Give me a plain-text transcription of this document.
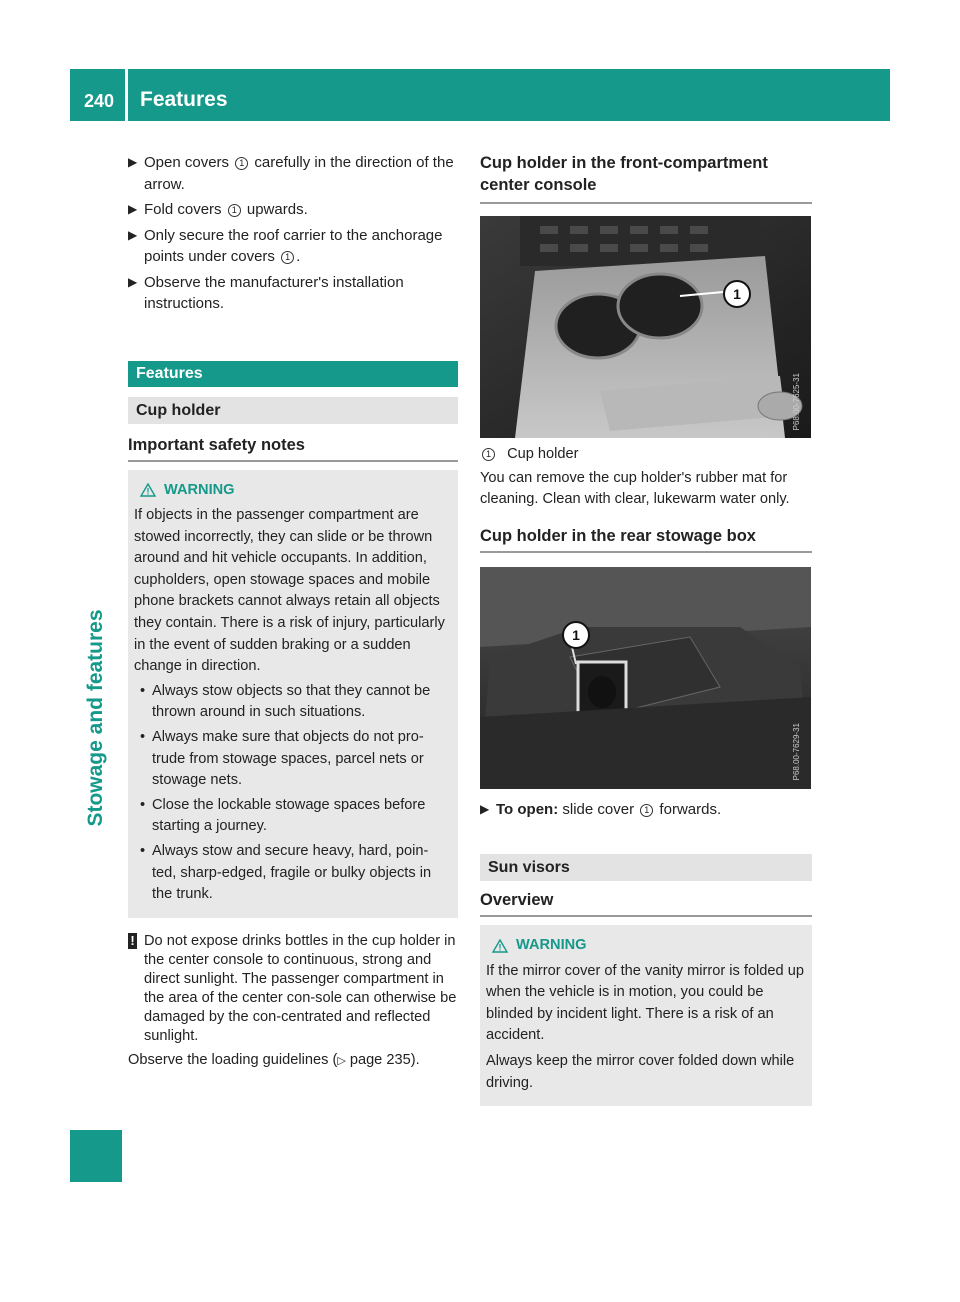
240 Features
Stowage and features
▶ Open covers 1 carefully in the direction of the arrow.
▶ Fold covers 1 upwards.
▶ Only secure the roof carrier to the anchorage points under covers 1 .
▶ Observe the manufacturer's installation instructions.
Features
Cup holder
Important safety notes
WARNING
If objects in the passenger compartment are stowed incorrectly, they can slide or be thrown around and hit vehicle occupants. In addition, cupholders, open stowage spaces and mobile phone brackets cannot always retain all objects they contain. There is a risk of injury, particularly in the event of sudden braking or a sudden change in direction.
• Always stow objects so that they cannot be thrown around in such situations.
• Always make sure that objects do not pro-trude from stowage spaces, parcel nets or stowage nets.
• Close the lockable stowage spaces before starting a journey.
• Always stow and secure heavy, hard, poin-ted, sharp-edged, fragile or bulky objects in the trunk.
! Do not expose drinks bottles in the cup holder in the center console to continuous, strong and direct sunlight. The passenger compartment in the area of the center con-sole can otherwise be damaged by the con-centrated and reflected sunlight.
Observe the loading guidelines (▷ page 235).
Cup holder in the front-compartment center console
1
P68.00-7625-31
1 Cup holder
You can remove the cup holder's rubber mat for cleaning. Clean with clear, lukewarm water only.
Cup holder in the rear stowage box
1
P68.00-7629-31
▶ To open: slide cover 1 forwards.
Sun visors
Overview
WARNING
If the mirror cover of the vanity mirror is folded up when the vehicle is in motion, you could be blinded by incident light. There is a risk of an accident.
Always keep the mirror cover folded down while driving.
